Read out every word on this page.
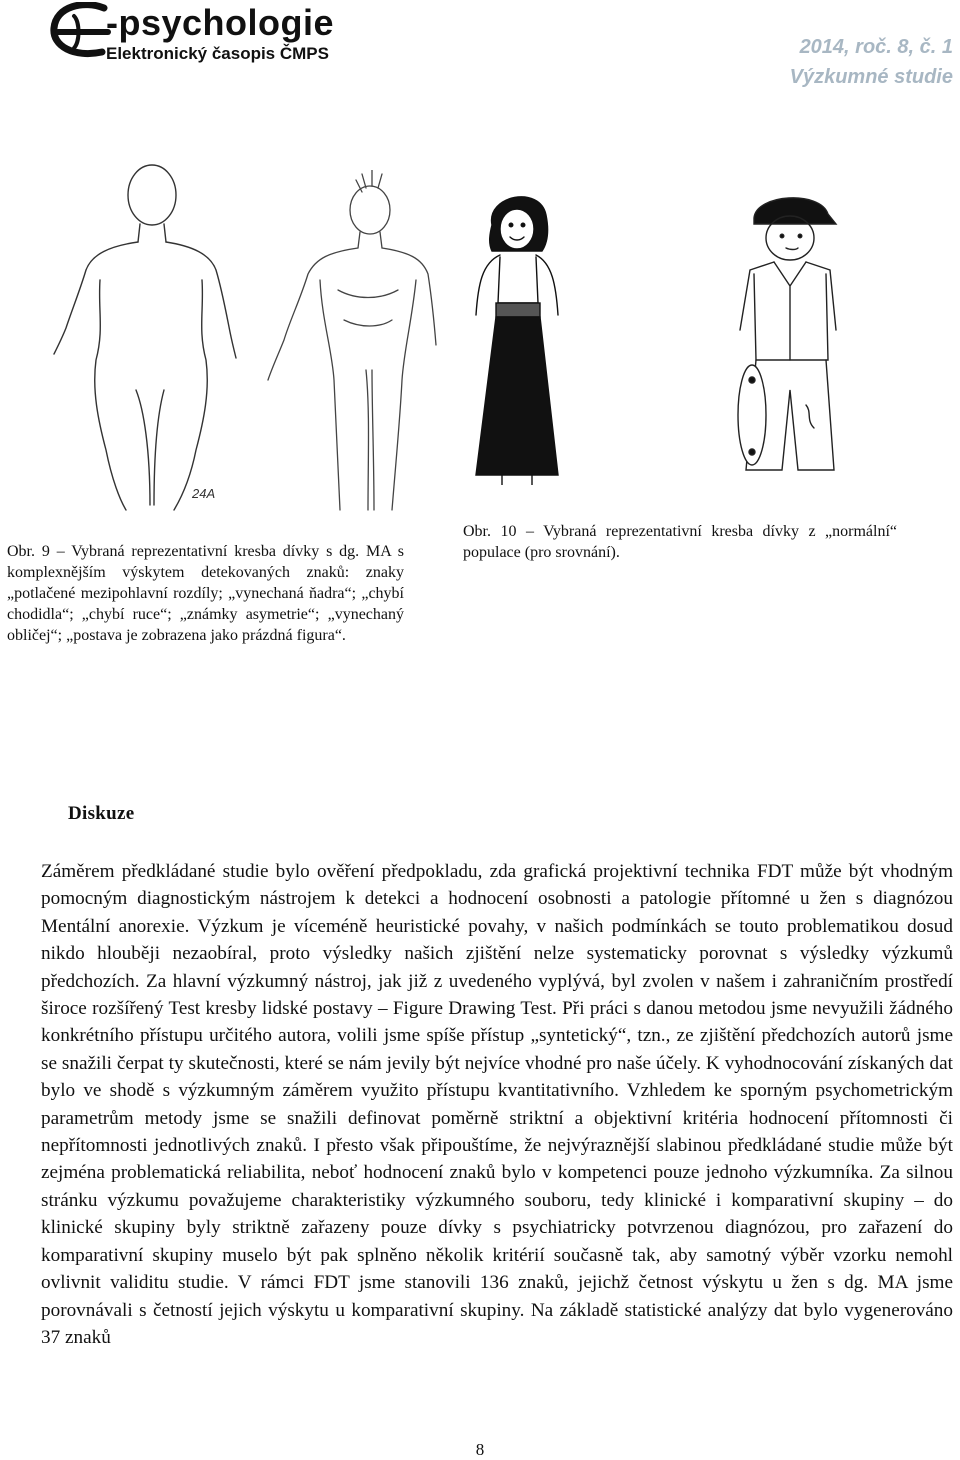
-psychologie
Elektronický časopis ČMPS	2014, roč. 8, č. 1
Výzkumné studie
24A
Obr. 9 – Vybraná reprezentativní kresba dívky s dg. MA s komplexnějším výskytem detekovaných znaků: znaky „potlačené mezipohlavní rozdíly; „vynechaná ňadra“; „chybí chodidla“; „chybí ruce“; „známky asymetrie“; „vynechaný obličej“; „postava je zobrazena jako prázdná figura“.
Obr. 10 – Vybraná reprezentativní kresba dívky z „normální“ populace (pro srovnání).
Diskuze
Záměrem předkládané studie bylo ověření předpokladu, zda grafická projektivní technika FDT může být vhodným pomocným diagnostickým nástrojem k detekci a hodnocení osobnosti a patologie přítomné u žen s diagnózou Mentální anorexie. Výzkum je víceméně heuristické povahy, v našich podmínkách se touto problematikou dosud nikdo hlouběji nezaobíral, proto výsledky našich zjištění nelze systematicky porovnat s výsledky výzkumů předchozích. Za hlavní výzkumný nástroj, jak již z uvedeného vyplývá, byl zvolen v našem i zahraničním prostředí široce rozšířený Test kresby lidské postavy – Figure Drawing Test. Při práci s danou metodou jsme nevyužili žádného konkrétního přístupu určitého autora, volili jsme spíše přístup „syntetický“, tzn., ze zjištění předchozích autorů jsme se snažili čerpat ty skutečnosti, které se nám jevily být nejvíce vhodné pro naše účely. K vyhodnocování získaných dat bylo ve shodě s výzkumným záměrem využito přístupu kvantitativního. Vzhledem ke sporným psychometrickým parametrům metody jsme se snažili definovat poměrně striktní a objektivní kritéria hodnocení přítomnosti či nepřítomnosti jednotlivých znaků. I přesto však připouštíme, že nejvýraznější slabinou předkládané studie může být zejména problematická reliabilita, neboť hodnocení znaků bylo v kompetenci pouze jednoho výzkumníka. Za silnou stránku výzkumu považujeme charakteristiky výzkumného souboru, tedy klinické i komparativní skupiny – do klinické skupiny byly striktně zařazeny pouze dívky s psychiatricky potvrzenou diagnózou, pro zařazení do komparativní skupiny muselo být pak splněno několik kritérií současně tak, aby samotný výběr vzorku nemohl ovlivnit validitu studie. V rámci FDT jsme stanovili 136 znaků, jejichž četnost výskytu u žen s dg. MA jsme porovnávali s četností jejich výskytu u komparativní skupiny. Na základě statistické analýzy dat bylo vygenerováno 37 znaků
8
